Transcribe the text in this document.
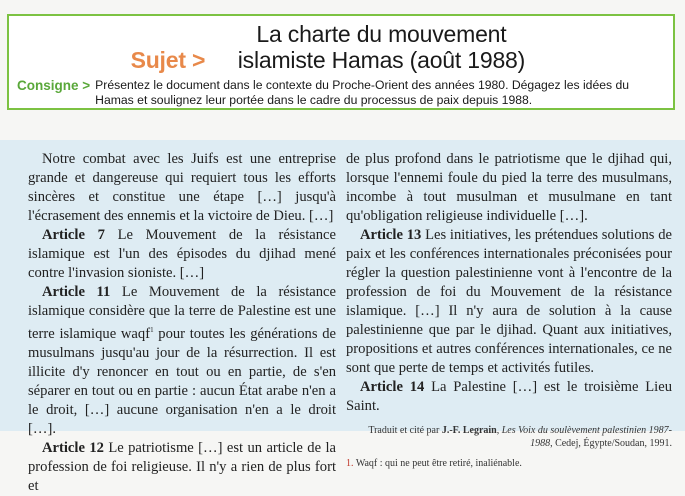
Sujet > La charte du mouvement islamiste Hamas (août 1988)
Consigne > Présentez le document dans le contexte du Proche-Orient des années 1980. Dégagez les idées du Hamas et soulignez leur portée dans le cadre du processus de paix depuis 1988.

Notre combat avec les Juifs est une entreprise grande et dangereuse qui requiert tous les efforts sincères et constitue une étape […] jusqu'à l'écrasement des ennemis et la victoire de Dieu. […]

Article 7 Le Mouvement de la résistance islamique est l'un des épisodes du djihad mené contre l'invasion sioniste. […]

Article 11 Le Mouvement de la résistance islamique considère que la terre de Palestine est une terre islamique waqf$^1$ pour toutes les générations de musulmans jusqu'au jour de la résurrection. Il est illicite d'y renoncer en tout ou en partie, de s'en séparer en tout ou en partie : aucun État arabe n'en a le droit, […] aucune organisation n'en a le droit […].

Article 12 Le patriotisme […] est un article de la profession de foi religieuse. Il n'y a rien de plus fort et

de plus profond dans le patriotisme que le djihad qui, lorsque l'ennemi foule du pied la terre des musulmans, incombe à tout musulman et musulmane en tant qu'obligation religieuse individuelle […].

Article 13 Les initiatives, les prétendues solutions de paix et les conférences internationales préconisées pour régler la question palestinienne vont à l'encontre de la profession de foi du Mouvement de la résistance islamique. […] Il n'y aura de solution à la cause palestinienne que par le djihad. Quant aux initiatives, propositions et autres conférences internationales, ce ne sont que perte de temps et activités futiles.

Article 14 La Palestine […] est le troisième Lieu Saint.

Traduit et cité par J.-F. Legrain, Les Voix du soulèvement palestinien 1987-1988, Cedej, Égypte/Soudan, 1991.
1. Waqf : qui ne peut être retiré, inaliénable.
